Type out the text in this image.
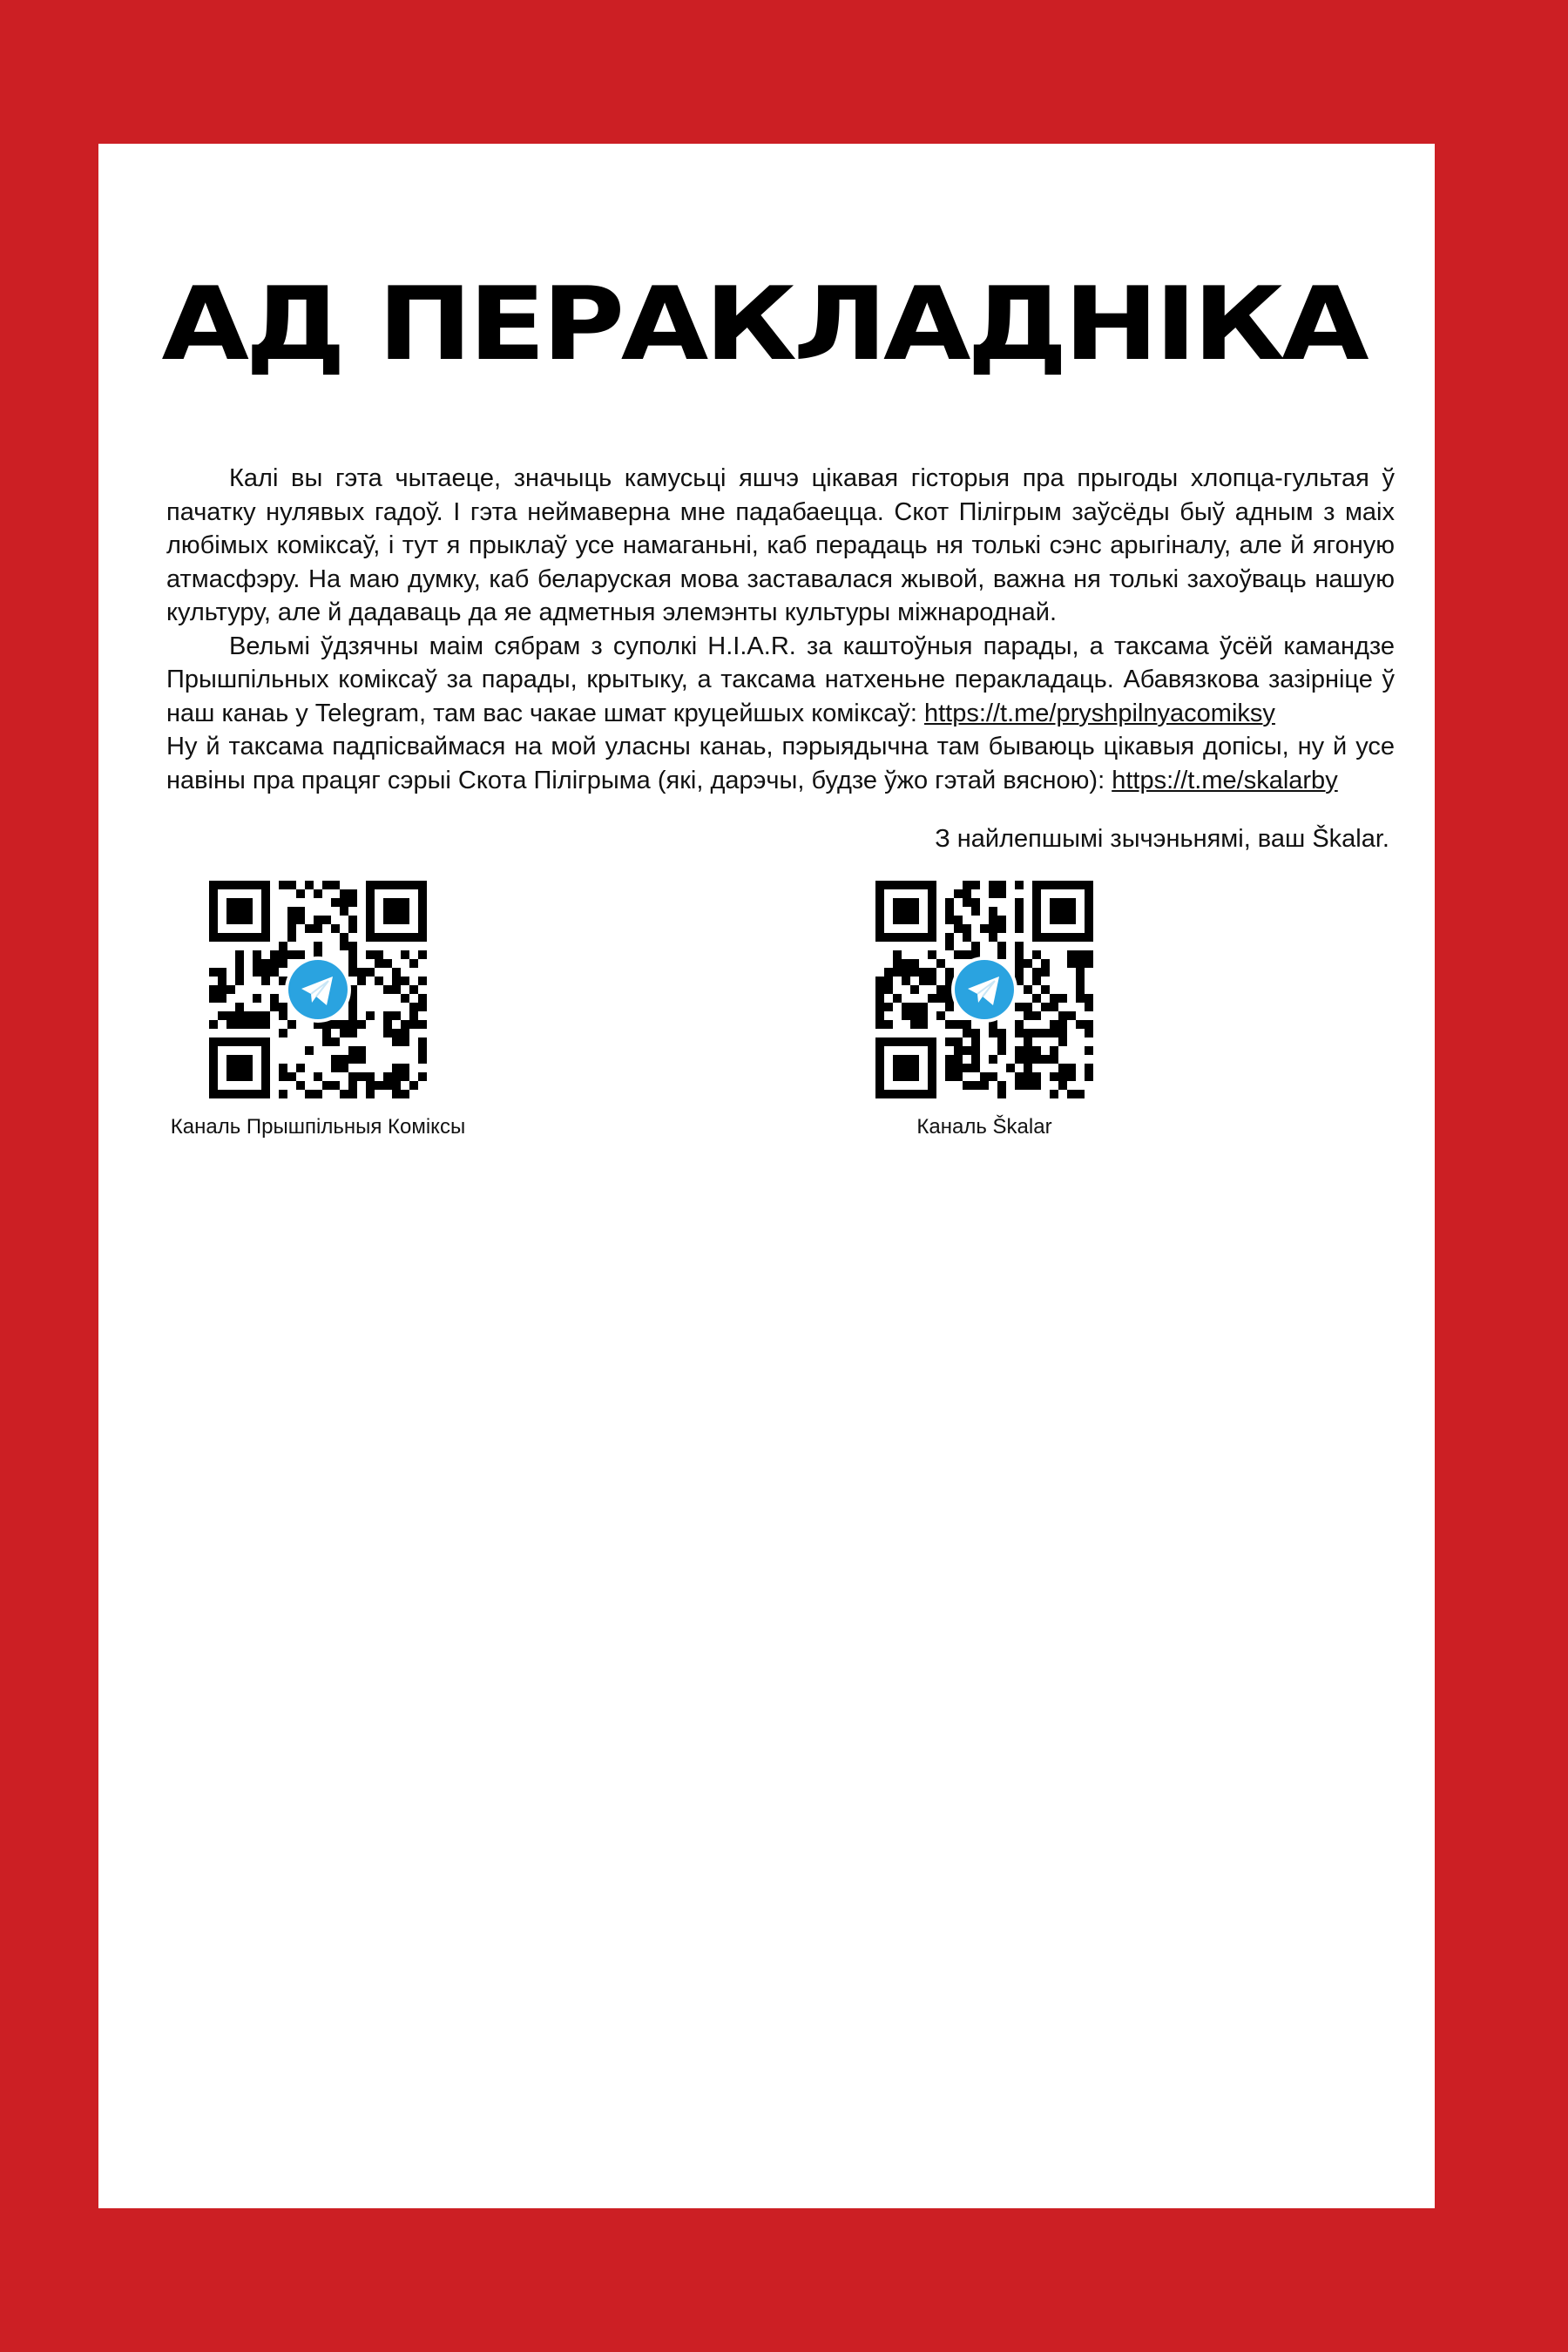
АД ПЕРАКЛАДНІКА

Калі вы гэта чытаеце, значыць камусьці яшчэ цікавая гісторыя пра прыгоды хлопца-гультая ў пачатку нулявых гадоў. І гэта неймаверна мне падабаецца. Скот Пілігрым заўсёды быў адным з маіх любімых коміксаў, і тут я прыклаў усе намаганьні, каб перадаць ня толькі сэнс арыгіналу, але й ягоную атмасфэру. На маю думку, каб беларуская мова заставалася жывой, важна ня толькі захоўваць нашую культуру, але й дадаваць да яе адметныя элемэнты культуры міжнароднай.

Вельмі ўдзячны маім сябрам з суполкі H.I.A.R. за каштоўныя парады, а таксама ўсёй камандзе Прышпільных коміксаў за парады, крытыку, а таксама натхеньне перакладаць. Абавязкова зазірніце ў наш канаь у Telegram, там вас чакае шмат круцейшых коміксаў: https://t.me/pryshpilnyacomiksy
Ну й таксама падпісваймася на мой уласны канаь, пэрыядычна там бываюць цікавыя допісы, ну й усе навіны пра працяг сэрыі Скота Пілігрыма (які, дарэчы, будзе ўжо гэтай вясною): https://t.me/skalarby

З найлепшымі зычэньнямі, ваш Škalar.
Каналь Прышпільныя Коміксы	Каналь Škalar
